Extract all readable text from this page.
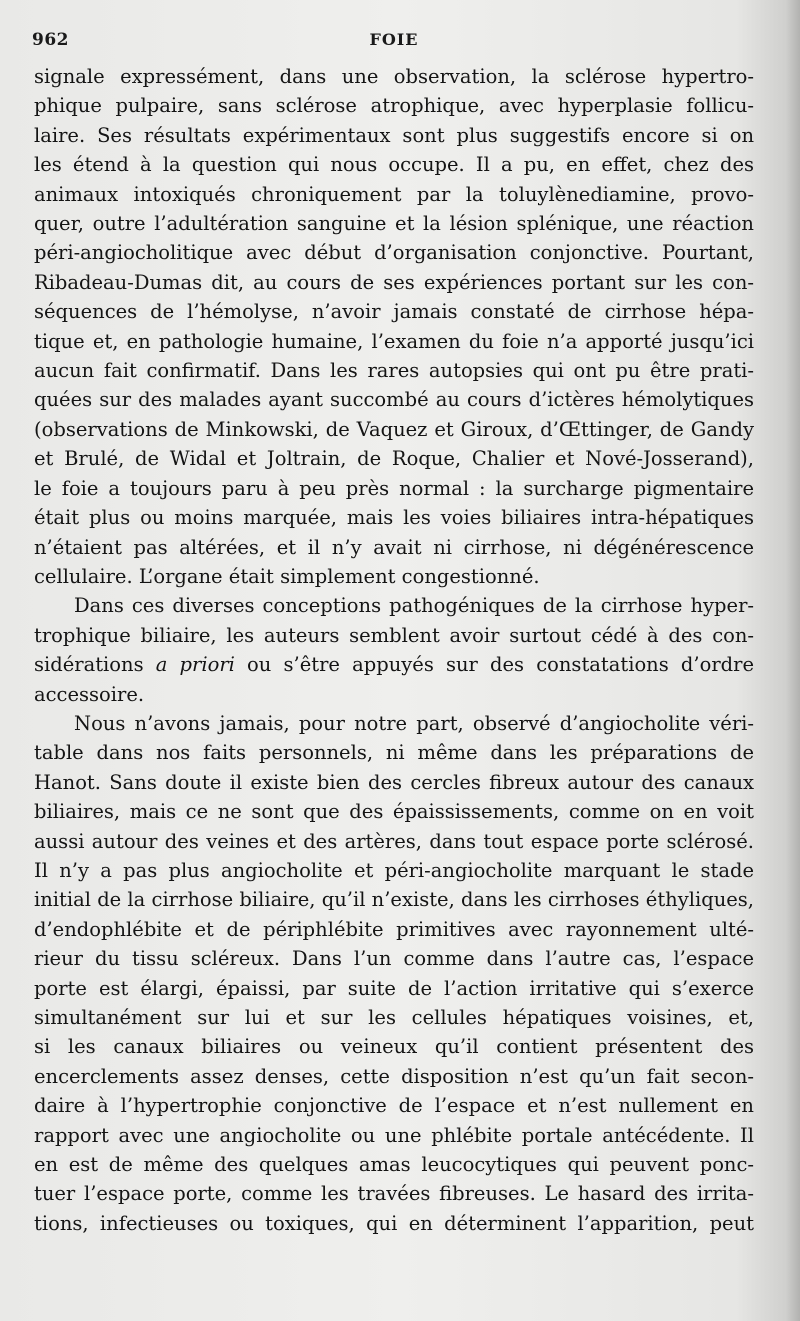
962	FOIE
signale expressément, dans une observation, la sclérose hypertro-
phique pulpaire, sans sclérose atrophique, avec hyperplasie follicu-
laire. Ses résultats expérimentaux sont plus suggestifs encore si on
les étend à la question qui nous occupe. Il a pu, en effet, chez des
animaux intoxiqués chroniquement par la toluylènediamine, provo-
quer, outre l’adultération sanguine et la lésion splénique, une réaction
péri-angiocholitique avec début d’organisation conjonctive. Pourtant,
Ribadeau-Dumas dit, au cours de ses expériences portant sur les con-
séquences de l’hémolyse, n’avoir jamais constaté de cirrhose hépa-
tique et, en pathologie humaine, l’examen du foie n’a apporté jusqu’ici
aucun fait confirmatif. Dans les rares autopsies qui ont pu être prati-
quées sur des malades ayant succombé au cours d’ictères hémolytiques
(observations de Minkowski, de Vaquez et Giroux, d’Œttinger, de Gandy
et Brulé, de Widal et Joltrain, de Roque, Chalier et Nové-Josserand),
le foie a toujours paru à peu près normal : la surcharge pigmentaire
était plus ou moins marquée, mais les voies biliaires intra-hépatiques
n’étaient pas altérées, et il n’y avait ni cirrhose, ni dégénérescence
cellulaire. L’organe était simplement congestionné.
Dans ces diverses conceptions pathogéniques de la cirrhose hyper-
trophique biliaire, les auteurs semblent avoir surtout cédé à des con-
sidérations a priori ou s’être appuyés sur des constatations d’ordre
accessoire.
Nous n’avons jamais, pour notre part, observé d’angiocholite véri-
table dans nos faits personnels, ni même dans les préparations de
Hanot. Sans doute il existe bien des cercles fibreux autour des canaux
biliaires, mais ce ne sont que des épaississements, comme on en voit
aussi autour des veines et des artères, dans tout espace porte sclérosé.
Il n’y a pas plus angiocholite et péri-angiocholite marquant le stade
initial de la cirrhose biliaire, qu’il n’existe, dans les cirrhoses éthyliques,
d’endophlébite et de périphlébite primitives avec rayonnement ulté-
rieur du tissu scléreux. Dans l’un comme dans l’autre cas, l’espace
porte est élargi, épaissi, par suite de l’action irritative qui s’exerce
simultanément sur lui et sur les cellules hépatiques voisines, et,
si les canaux biliaires ou veineux qu’il contient présentent des
encerclements assez denses, cette disposition n’est qu’un fait secon-
daire à l’hypertrophie conjonctive de l’espace et n’est nullement en
rapport avec une angiocholite ou une phlébite portale antécédente. Il
en est de même des quelques amas leucocytiques qui peuvent ponc-
tuer l’espace porte, comme les travées fibreuses. Le hasard des irrita-
tions, infectieuses ou toxiques, qui en déterminent l’apparition, peut
